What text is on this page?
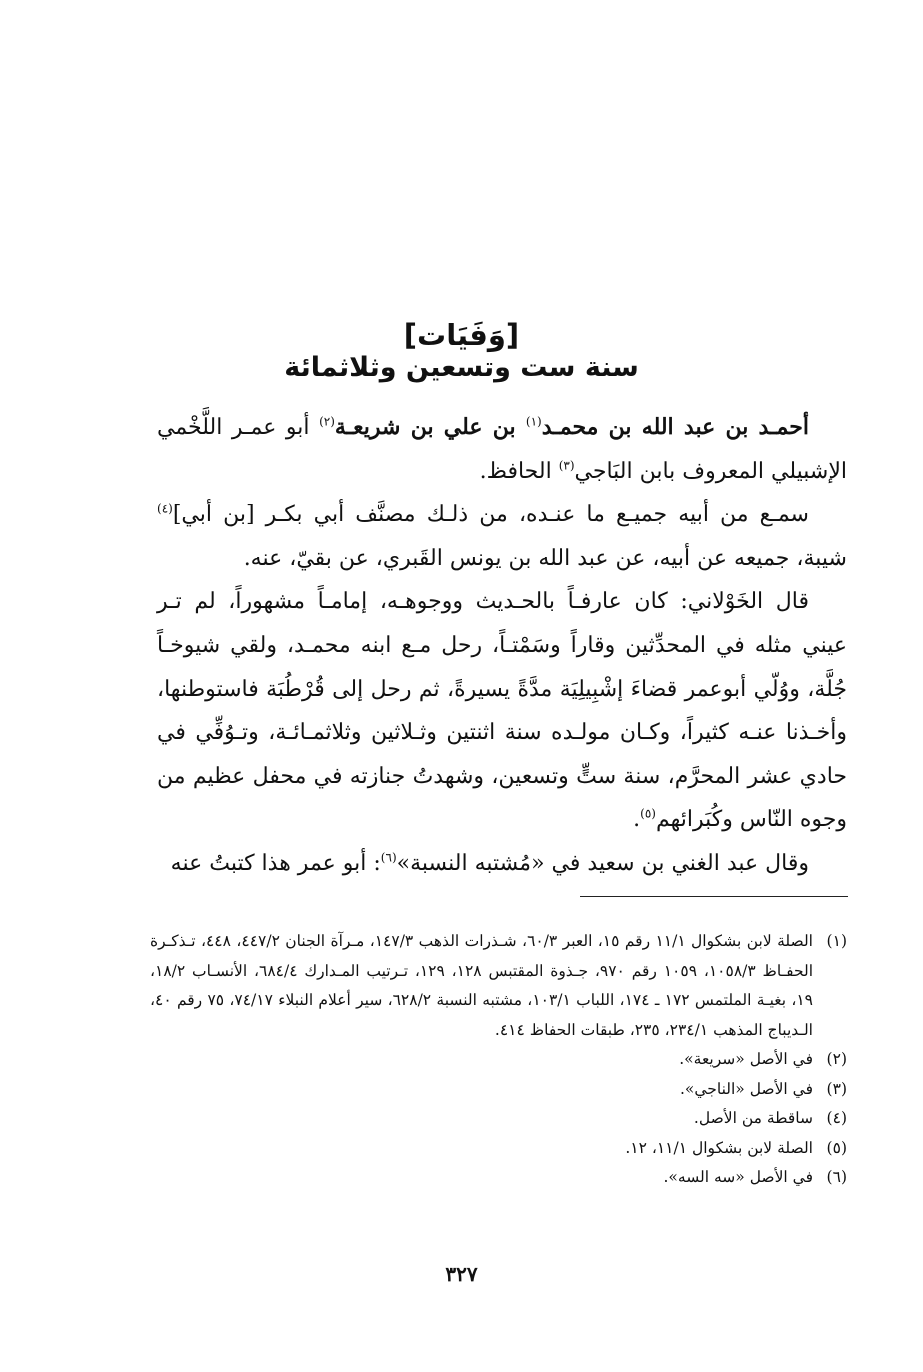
[وَفَيَات]
سنة ست وتسعين وثلاثمائة

أحمـد بن عبد الله بن محمـد$^{(١)}$ بن علي بن شريعـة$^{(٢)}$ أبو عمـر اللَّخْمي الإشبيلي المعروف بابن البَاجي$^{(٣)}$ الحافظ.

سمـع من أبيه جميـع ما عنـده، من ذلـك مصنَّف أبي بكـر [بن أبي]$^{(٤)}$ شيبة، جميعه عن أبيه، عن عبد الله بن يونس القَبري، عن بقيّ، عنه.

قال الخَوْلاني: كان عارفـاً بالحـديث ووجوهـه، إمامـاً مشهوراً، لم تـر عيني مثله في المحدِّثين وقاراً وسَمْتـاً، رحل مـع ابنه محمـد، ولقي شيوخـاً جُلَّة، ووُلّي أبوعمر قضاءَ إشْبِيلِيَة مدَّةً يسيرةً، ثم رحل إلى قُرْطُبَة فاستوطنها، وأخـذنا عنـه كثيراً، وكـان مولـده سنة اثنتين وثـلاثين وثلاثمـائـة، وتـوُفِّي في حادي عشر المحرَّم، سنة ستٍّ وتسعين، وشهدتُ جنازته في محفل عظيم من وجوه النّاس وكُبَرائهم$^{(٥)}$.

وقال عبد الغني بن سعيد في «مُشتبه النسبة»$^{(٦)}$: أبو عمر هذا كتبتُ عنه

(١)
الصلة لابن بشكوال ١١/١ رقم ١٥، العبر ٦٠/٣، شـذرات الذهب ١٤٧/٣، مـرآة الجنان ٤٤٧/٢، ٤٤٨، تـذكـرة الحفـاظ ١٠٥٨/٣، ١٠٥٩ رقم ٩٧٠، جـذوة المقتبس ١٢٨، ١٢٩، تـرتيب المـدارك ٦٨٤/٤، الأنسـاب ١٨/٢، ١٩، بغيـة الملتمس ١٧٢ ـ ١٧٤، اللباب ١٠٣/١، مشتبه النسبة ٦٢٨/٢، سير أعلام النبلاء ٧٤/١٧، ٧٥ رقم ٤٠، الـديباج المذهب ٢٣٤/١، ٢٣٥، طبقات الحفاظ ٤١٤.
(٢)
في الأصل «سريعة».
(٣)
في الأصل «الناجي».
(٤)
ساقطة من الأصل.
(٥)
الصلة لابن بشكوال ١١/١، ١٢.
(٦)
في الأصل «سه السه».
٣٢٧
